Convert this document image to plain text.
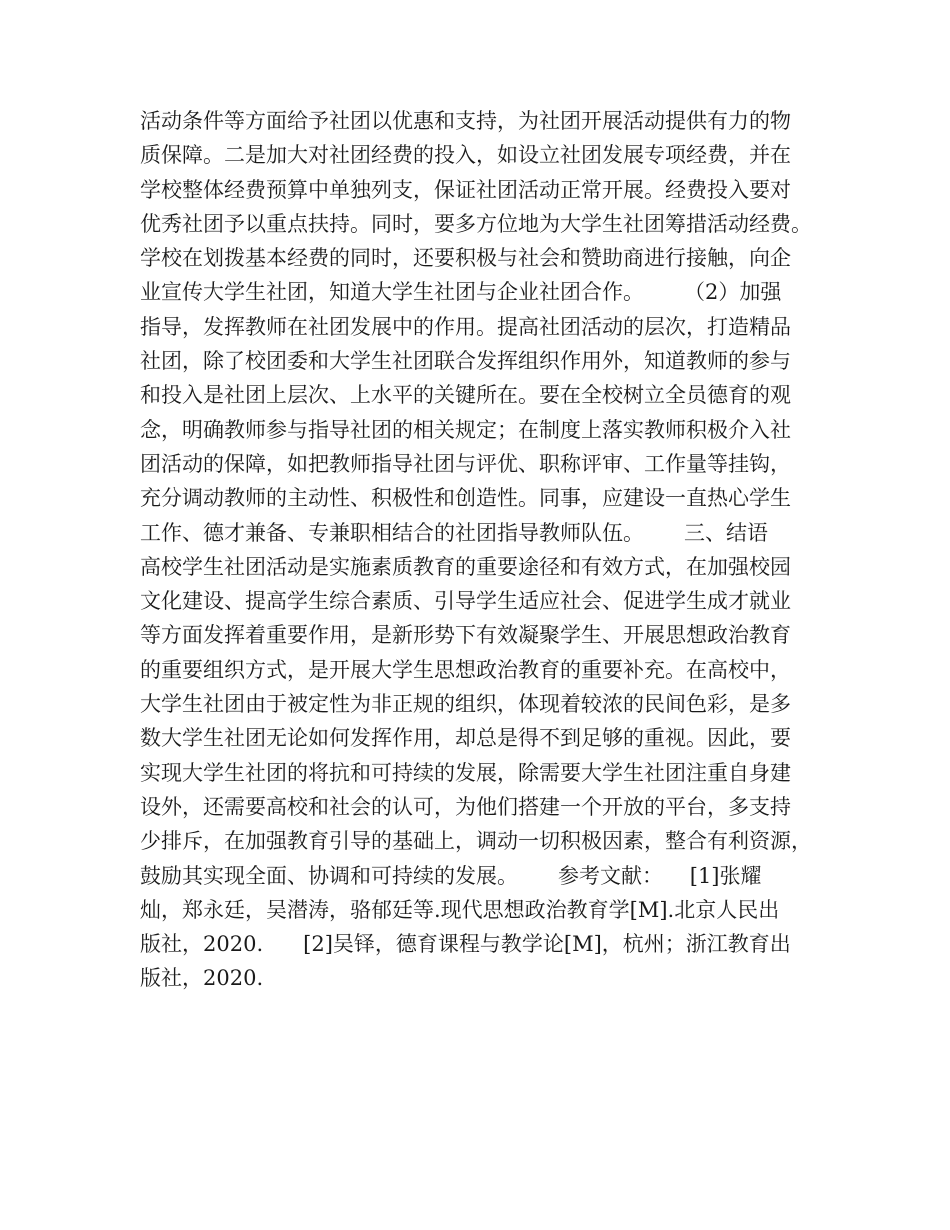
活动条件等方面给予社团以优惠和支持，为社团开展活动提供有力的物
质保障。二是加大对社团经费的投入，如设立社团发展专项经费，并在
学校整体经费预算中单独列支，保证社团活动正常开展。经费投入要对
优秀社团予以重点扶持。同时，要多方位地为大学生社团筹措活动经费。
学校在划拨基本经费的同时，还要积极与社会和赞助商进行接触，向企
业宣传大学生社团，知道大学生社团与企业社团合作。      （2）加强
指导，发挥教师在社团发展中的作用。提高社团活动的层次，打造精品
社团，除了校团委和大学生社团联合发挥组织作用外，知道教师的参与
和投入是社团上层次、上水平的关键所在。要在全校树立全员德育的观
念，明确教师参与指导社团的相关规定；在制度上落实教师积极介入社
团活动的保障，如把教师指导社团与评优、职称评审、工作量等挂钩，
充分调动教师的主动性、积极性和创造性。同事，应建设一直热心学生
工作、德才兼备、专兼职相结合的社团指导教师队伍。      三、结语
高校学生社团活动是实施素质教育的重要途径和有效方式，在加强校园
文化建设、提高学生综合素质、引导学生适应社会、促进学生成才就业
等方面发挥着重要作用，是新形势下有效凝聚学生、开展思想政治教育
的重要组织方式，是开展大学生思想政治教育的重要补充。在高校中，
大学生社团由于被定性为非正规的组织，体现着较浓的民间色彩，是多
数大学生社团无论如何发挥作用，却总是得不到足够的重视。因此，要
实现大学生社团的将抗和可持续的发展，除需要大学生社团注重自身建
设外，还需要高校和社会的认可，为他们搭建一个开放的平台，多支持
少排斥，在加强教育引导的基础上，调动一切积极因素，整合有利资源，
鼓励其实现全面、协调和可持续的发展。      参考文献：    [1]张耀
灿，郑永廷，吴潜涛，骆郁廷等.现代思想政治教育学[M].北京人民出
版社，2020.      [2]吴铎，德育课程与教学论[M]，杭州；浙江教育出
版社，2020.
